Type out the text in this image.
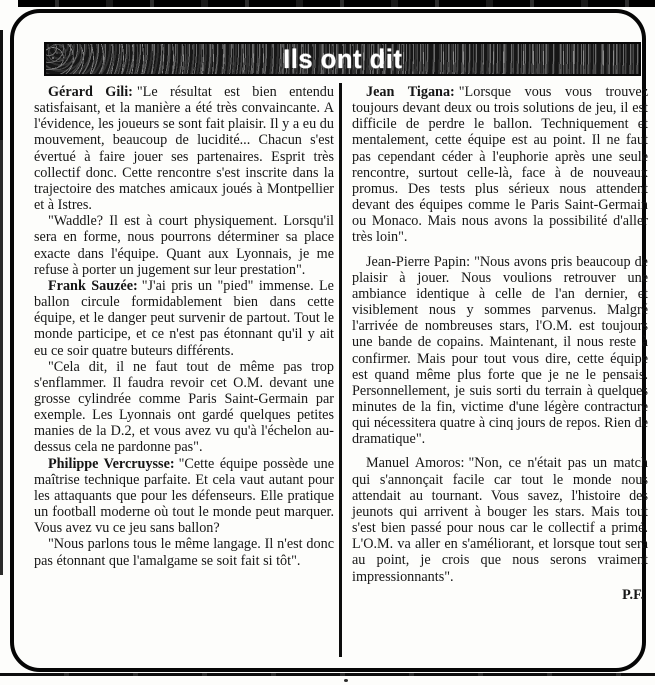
Ils ont dit

Gérard Gili: "Le résultat est bien entendu satisfaisant, et la manière a été très convaincante. A l'évidence, les joueurs se sont fait plaisir. Il y a eu du mouvement, beaucoup de lucidité... Chacun s'est évertué à faire jouer ses partenaires. Esprit très collectif donc. Cette rencontre s'est inscrite dans la trajectoire des matches amicaux joués à Montpellier et à Istres.

"Waddle? Il est à court physiquement. Lorsqu'il sera en forme, nous pourrons déterminer sa place exacte dans l'équipe. Quant aux Lyonnais, je me refuse à porter un jugement sur leur prestation".

Frank Sauzée: "J'ai pris un "pied" immense. Le ballon circule formidablement bien dans cette équipe, et le danger peut survenir de partout. Tout le monde participe, et ce n'est pas étonnant qu'il y ait eu ce soir quatre buteurs différents.

"Cela dit, il ne faut tout de même pas trop s'enflammer. Il faudra revoir cet O.M. devant une grosse cylindrée comme Paris Saint-Germain par exemple. Les Lyonnais ont gardé quelques petites manies de la D.2, et vous avez vu qu'à l'échelon au-dessus cela ne pardonne pas".

Philippe Vercruysse: "Cette équipe possède une maîtrise technique parfaite. Et cela vaut autant pour les attaquants que pour les défenseurs. Elle pratique un football moderne où tout le monde peut marquer. Vous avez vu ce jeu sans ballon?

"Nous parlons tous le même langage. Il n'est donc pas étonnant que l'amalgame se soit fait si tôt".

Jean Tigana: "Lorsque vous vous trouvez toujours devant deux ou trois solutions de jeu, il est difficile de perdre le ballon. Techniquement et mentalement, cette équipe est au point. Il ne faut pas cependant céder à l'euphorie après une seule rencontre, surtout celle-là, face à de nouveaux promus. Des tests plus sérieux nous attendent devant des équipes comme le Paris Saint-Germain ou Monaco. Mais nous avons la possibilité d'aller très loin".

Jean-Pierre Papin: "Nous avons pris beaucoup de plaisir à jouer. Nous voulions retrouver une ambiance identique à celle de l'an dernier, et visiblement nous y sommes parvenus. Malgré l'arrivée de nombreuses stars, l'O.M. est toujours une bande de copains. Maintenant, il nous reste à confirmer. Mais pour tout vous dire, cette équipe est quand même plus forte que je ne le pensais. Personnellement, je suis sorti du terrain à quelques minutes de la fin, victime d'une légère contracture qui nécessitera quatre à cinq jours de repos. Rien de dramatique".

Manuel Amoros: "Non, ce n'était pas un match qui s'annonçait facile car tout le monde nous attendait au tournant. Vous savez, l'histoire des jeunots qui arrivent à bouger les stars. Mais tout s'est bien passé pour nous car le collectif a primé. L'O.M. va aller en s'améliorant, et lorsque tout sera au point, je crois que nous serons vraiment impressionnants".

P.F.
